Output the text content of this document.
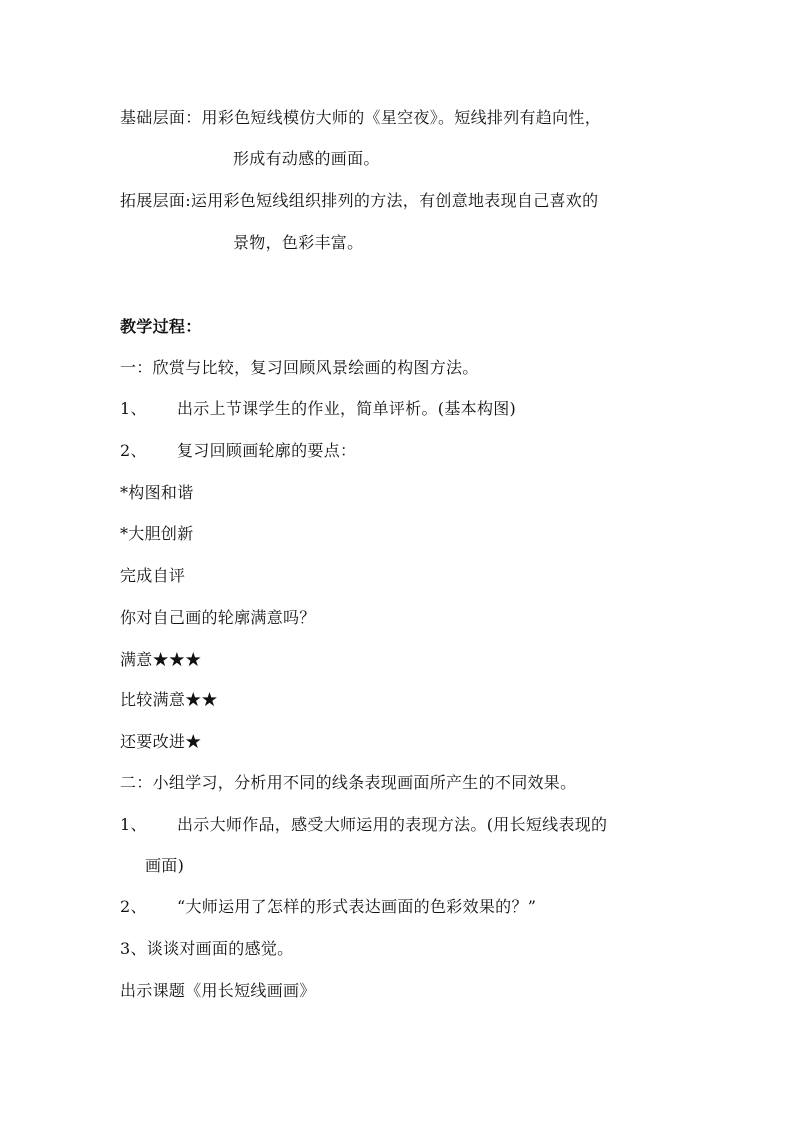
基础层面：用彩色短线模仿大师的《星空夜》。短线排列有趋向性，
形成有动感的画面。
拓展层面:运用彩色短线组织排列的方法，有创意地表现自己喜欢的
景物，色彩丰富。
教学过程：
一：欣赏与比较，复习回顾风景绘画的构图方法。
1、 出示上节课学生的作业，简单评析。(基本构图)
2、 复习回顾画轮廓的要点：
*构图和谐
*大胆创新
完成自评
你对自己画的轮廓满意吗？
满意★★★
比较满意★★
还要改进★
二：小组学习，分析用不同的线条表现画面所产生的不同效果。
1、 出示大师作品，感受大师运用的表现方法。(用长短线表现的
画面)
2、 “大师运用了怎样的形式表达画面的色彩效果的？”
3、谈谈对画面的感觉。
出示课题《用长短线画画》
